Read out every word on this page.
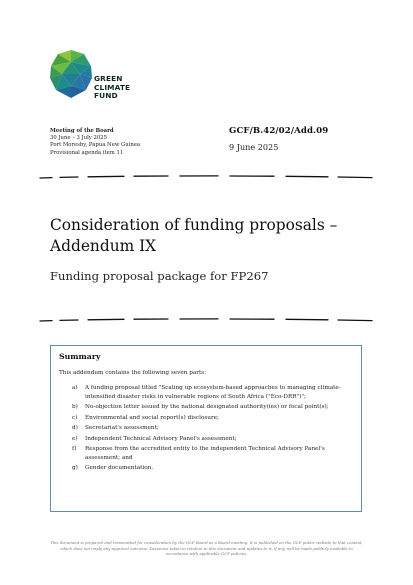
GREEN
CLIMATE
FUND
Meeting of the Board
30 June – 3 July 2025
Port Moresby, Papua New Guinea
Provisional agenda item 11
GCF/B.42/02/Add.09
9 June 2025
Consideration of funding proposals – Addendum IX
Funding proposal package for FP267
Summary
This addendum contains the following seven parts:
a)	A funding proposal titled "Scaling up ecosystem-based approaches to managing climate-intensified disaster risks in vulnerable regions of South Africa ("Eco-DRR")";
b)	No-objection letter issued by the national designated authority(ies) or focal point(s);
c)	Environmental and social report(s) disclosure;
d)	Secretariat's assessment;
e)	Independent Technical Advisory Panel's assessment;
f)	Response from the accredited entity to the independent Technical Advisory Panel's assessment; and
g)	Gender documentation.
This document is prepared and transmitted for consideration by the GCF Board as a Board meeting. It is published on the GCF public website to that context, which does not imply any approval outcome. Decisions taken in relation to this document and updates to it, if any, will be made publicly available in accordance with applicable GCF policies.
